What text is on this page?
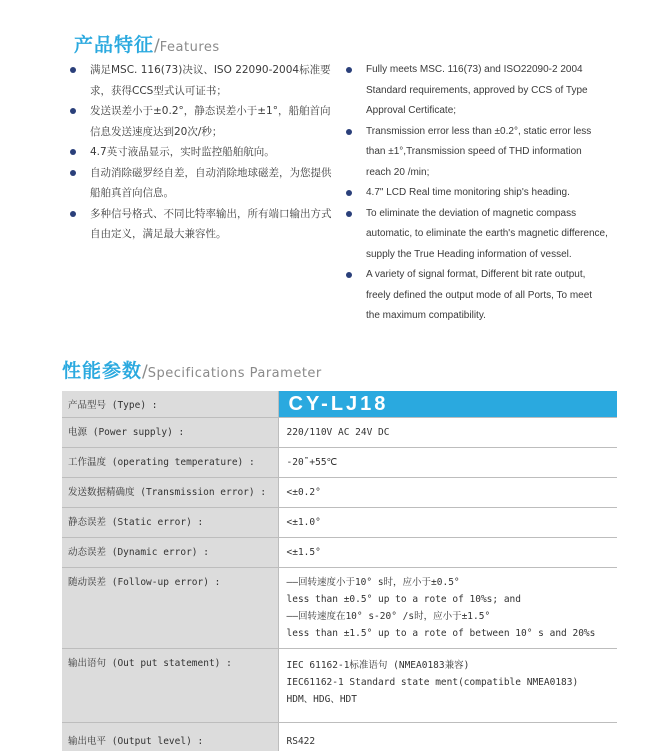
产品特征/Features
满足MSC. 116(73)决议、ISO 22090-2004标准要求，获得CCS型式认可证书；
发送误差小于±0.2°，静态误差小于±1°，船舶首向信息发送速度达到20次/秒；
4.7英寸液晶显示，实时监控船舶航向。
自动消除磁罗经自差，自动消除地球磁差，为您提供船舶真首向信息。
多种信号格式、不同比特率输出，所有端口输出方式自由定义，满足最大兼容性。
Fully meets MSC. 116(73) and ISO22090-2 2004 Standard requirements, approved by CCS of Type Approval Certificate;
Transmission error less than ±0.2°, static error less than ±1°,Transmission speed of THD information reach 20 /min;
4.7" LCD Real time monitoring ship's heading.
To eliminate the deviation of magnetic compass automatic, to eliminate the earth's magnetic difference, supply the True Heading information of vessel.
A variety of signal format, Different bit rate output, freely defined the output mode of all Ports, To meet the maximum compatibility.
性能参数/Specifications Parameter
产品型号 (Type) :	CY-LJ18

电源 (Power supply) :	220/110V AC 24V DC

工作温度 (operating temperature) :	-20˜+55℃

发送数据精确度 (Transmission error) :	<±0.2°

静态误差 (Static error) :	<±1.0°

动态误差 (Dynamic error) :	<±1.5°

随动误差 (Follow-up error) :	——回转速度小于10° s时，应小于±0.5°
less than ±0.5° up to a rote of 10%s; and
——回转速度在10° s-20° /s时，应小于±1.5°
less than ±1.5° up to a rote of between 10° s and 20%s

输出语句 (Out put statement) :	IEC 61162-1标准语句 (NMEA0183兼容)
IEC61162-1 Standard state ment(compatible NMEA0183)
HDM、HDG、HDT

输出电平 (Output level) :	RS422
